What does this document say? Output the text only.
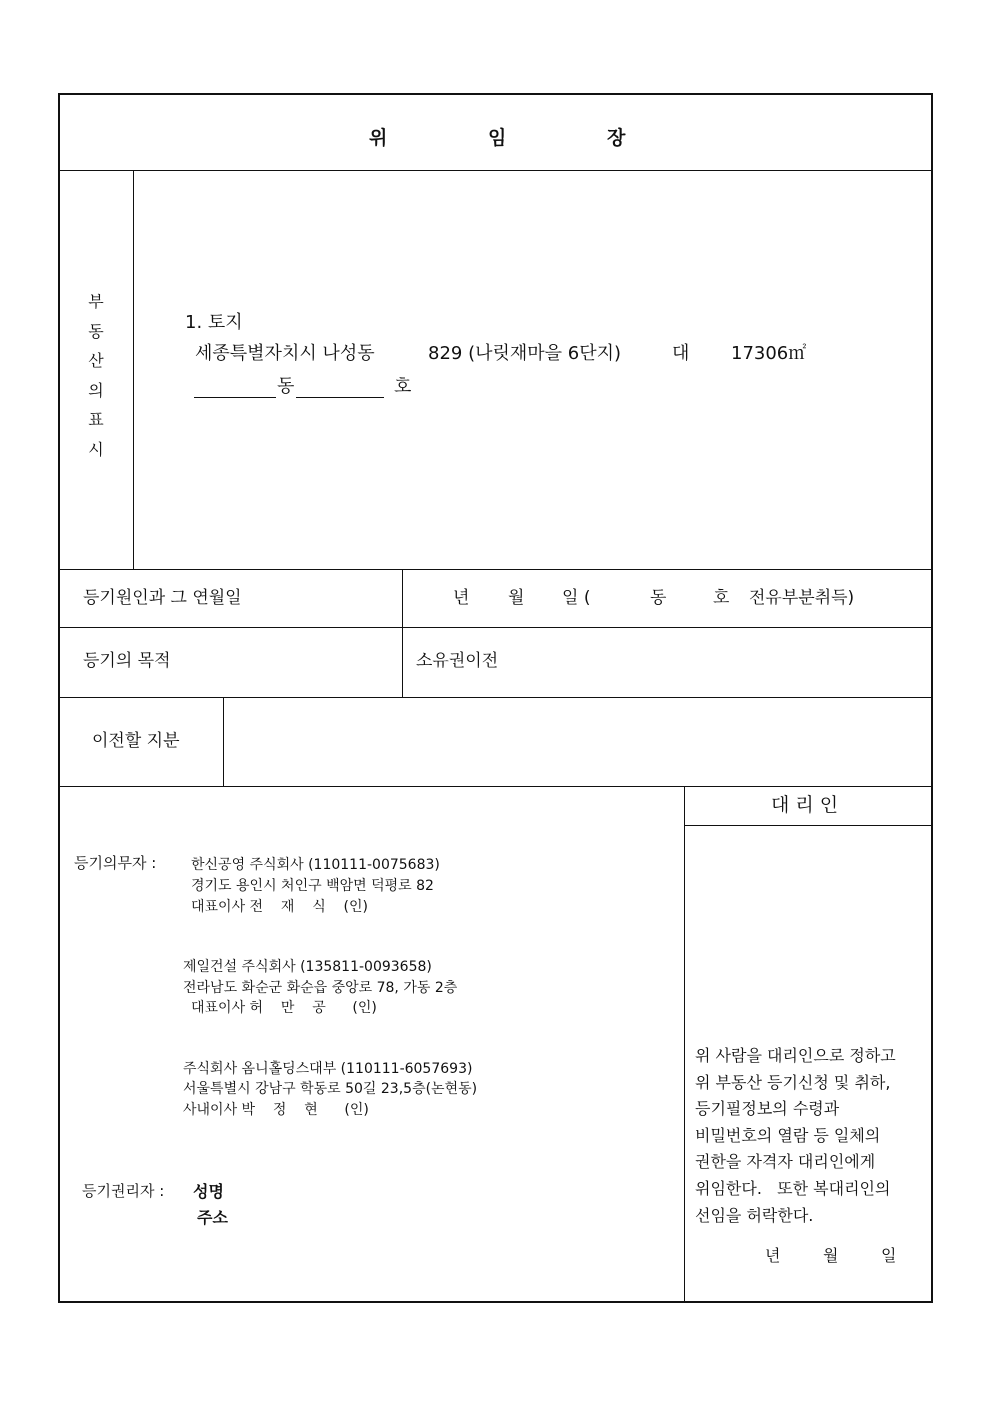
위	임	장
부
동
산
의
표
시
1. 토지
세종특별자치시 나성동	829 (나릿재마을 6단지)	대 17306㎡
동	호
등기원인과 그 연월일	년 월 일 (	동	호 전유부분취득)
등기의 목적	소유권이전
이전할 지분
대 리 인
등기의무자 : 한신공영 주식회사 (110111-0075683)
경기도 용인시 처인구 백암면 덕평로 82
대표이사 전    재    식    (인)
제일건설 주식회사 (135811-0093658)
전라남도 화순군 화순읍 중앙로 78, 가동 2층
대표이사 허    만    공      (인)
주식회사 옴니홀딩스대부 (110111-6057693)
서울특별시 강남구 학동로 50길 23,5층(논현동)
사내이사 박    정    현      (인)
등기권리자 : 성명
주소
위 사람을 대리인으로 정하고
위 부동산 등기신청 및 취하,
등기필정보의 수령과
비밀번호의 열람 등 일체의
권한을 자격자 대리인에게
위임한다.   또한 복대리인의
선임을 허락한다.
년	월	일
